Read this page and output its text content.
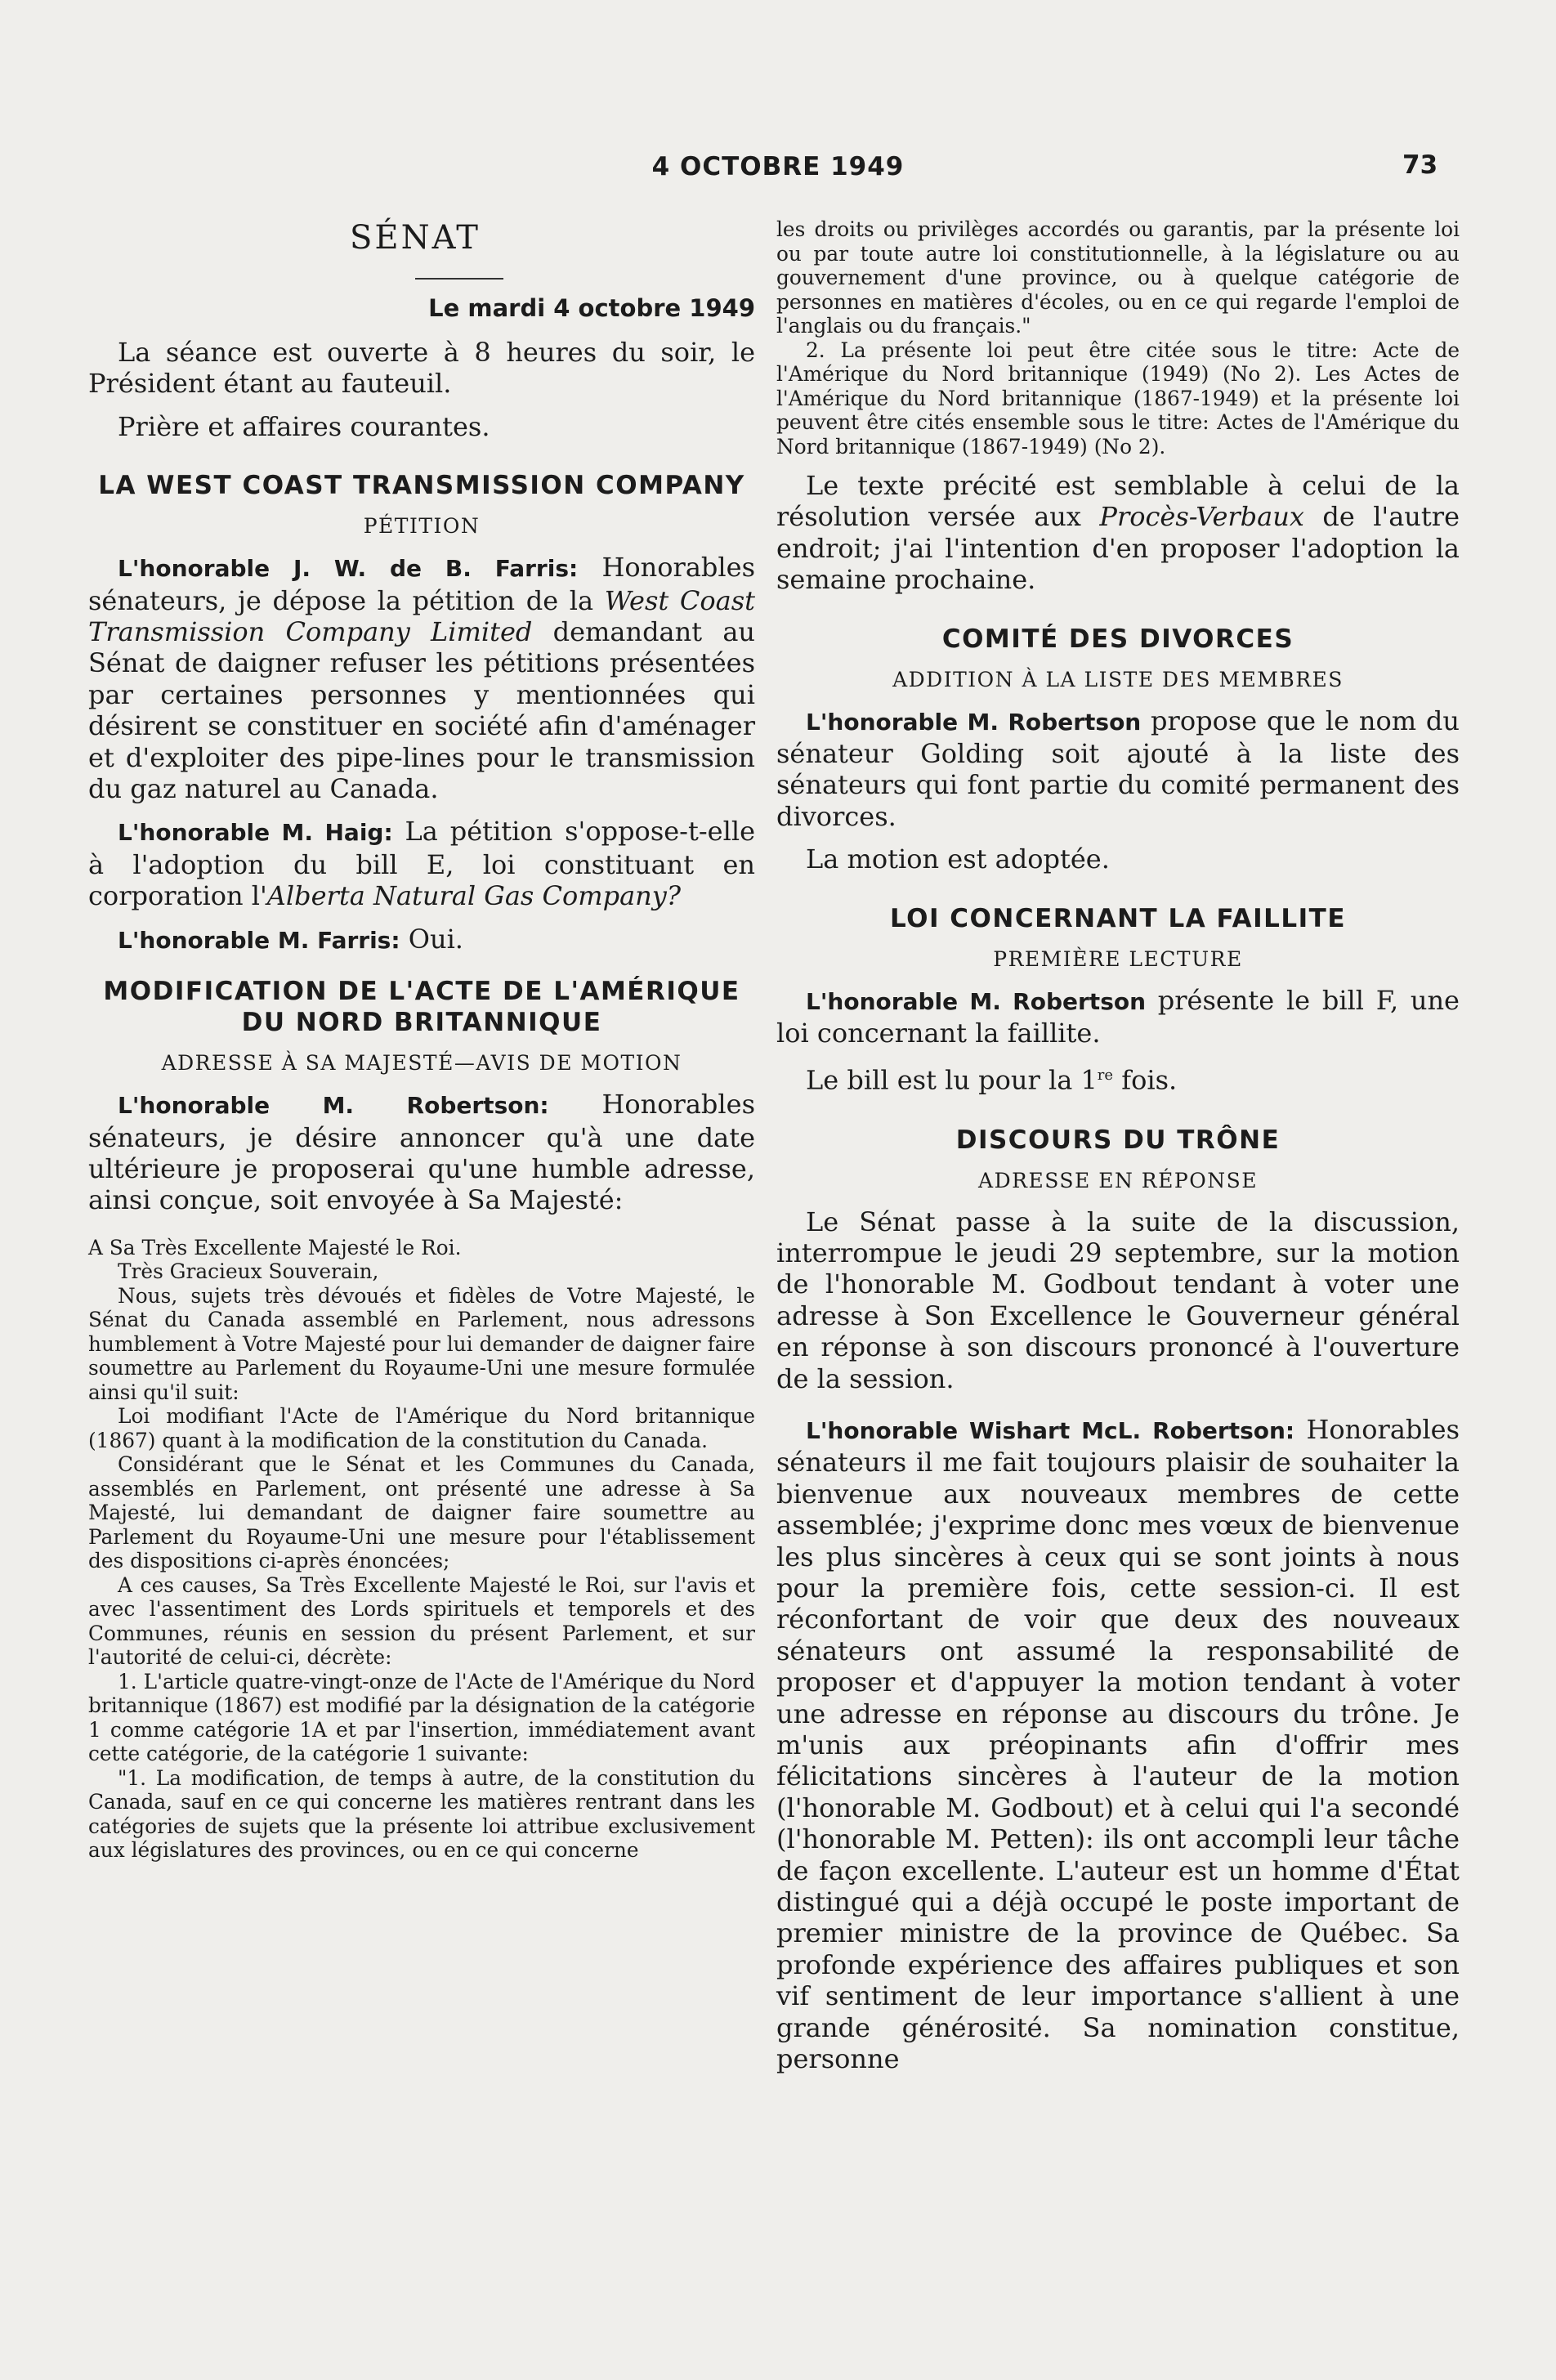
4 OCTOBRE 1949	73
SÉNAT
Le mardi 4 octobre 1949

La séance est ouverte à 8 heures du soir, le Président étant au fauteuil.

Prière et affaires courantes.

LA WEST COAST TRANSMISSION COMPANY
PÉTITION

L'honorable J. W. de B. Farris: Honorables sénateurs, je dépose la pétition de la West Coast Transmission Company Limited demandant au Sénat de daigner refuser les pétitions présentées par certaines personnes y mentionnées qui désirent se constituer en société afin d'aménager et d'exploiter des pipe-lines pour le transmission du gaz naturel au Canada.

L'honorable M. Haig: La pétition s'oppose-t-elle à l'adoption du bill E, loi constituant en corporation l'Alberta Natural Gas Company?

L'honorable M. Farris: Oui.

MODIFICATION DE L'ACTE DE L'AMÉRIQUE DU NORD BRITANNIQUE
ADRESSE À SA MAJESTÉ—AVIS DE MOTION

L'honorable M. Robertson: Honorables sénateurs, je désire annoncer qu'à une date ultérieure je proposerai qu'une humble adresse, ainsi conçue, soit envoyée à Sa Majesté:

A Sa Très Excellente Majesté le Roi.

Très Gracieux Souverain,

Nous, sujets très dévoués et fidèles de Votre Majesté, le Sénat du Canada assemblé en Parlement, nous adressons humblement à Votre Majesté pour lui demander de daigner faire soumettre au Parlement du Royaume-Uni une mesure formulée ainsi qu'il suit:

Loi modifiant l'Acte de l'Amérique du Nord britannique (1867) quant à la modification de la constitution du Canada.

Considérant que le Sénat et les Communes du Canada, assemblés en Parlement, ont présenté une adresse à Sa Majesté, lui demandant de daigner faire soumettre au Parlement du Royaume-Uni une mesure pour l'établissement des dispositions ci-après énoncées;

A ces causes, Sa Très Excellente Majesté le Roi, sur l'avis et avec l'assentiment des Lords spirituels et temporels et des Communes, réunis en session du présent Parlement, et sur l'autorité de celui-ci, décrète:

1. L'article quatre-vingt-onze de l'Acte de l'Amérique du Nord britannique (1867) est modifié par la désignation de la catégorie 1 comme catégorie 1A et par l'insertion, immédiatement avant cette catégorie, de la catégorie 1 suivante:

"1. La modification, de temps à autre, de la constitution du Canada, sauf en ce qui concerne les matières rentrant dans les catégories de sujets que la présente loi attribue exclusivement aux législatures des provinces, ou en ce qui concerne

les droits ou privilèges accordés ou garantis, par la présente loi ou par toute autre loi constitutionnelle, à la législature ou au gouvernement d'une province, ou à quelque catégorie de personnes en matières d'écoles, ou en ce qui regarde l'emploi de l'anglais ou du français."

2. La présente loi peut être citée sous le titre: Acte de l'Amérique du Nord britannique (1949) (No 2). Les Actes de l'Amérique du Nord britannique (1867-1949) et la présente loi peuvent être cités ensemble sous le titre: Actes de l'Amérique du Nord britannique (1867-1949) (No 2).

Le texte précité est semblable à celui de la résolution versée aux Procès-Verbaux de l'autre endroit; j'ai l'intention d'en proposer l'adoption la semaine prochaine.

COMITÉ DES DIVORCES
ADDITION À LA LISTE DES MEMBRES

L'honorable M. Robertson propose que le nom du sénateur Golding soit ajouté à la liste des sénateurs qui font partie du comité permanent des divorces.

La motion est adoptée.

LOI CONCERNANT LA FAILLITE
PREMIÈRE LECTURE

L'honorable M. Robertson présente le bill F, une loi concernant la faillite.

Le bill est lu pour la 1re fois.

DISCOURS DU TRÔNE
ADRESSE EN RÉPONSE

Le Sénat passe à la suite de la discussion, interrompue le jeudi 29 septembre, sur la motion de l'honorable M. Godbout tendant à voter une adresse à Son Excellence le Gouverneur général en réponse à son discours prononcé à l'ouverture de la session.

L'honorable Wishart McL. Robertson: Honorables sénateurs il me fait toujours plaisir de souhaiter la bienvenue aux nouveaux membres de cette assemblée; j'exprime donc mes vœux de bienvenue les plus sincères à ceux qui se sont joints à nous pour la première fois, cette session-ci. Il est réconfortant de voir que deux des nouveaux sénateurs ont assumé la responsabilité de proposer et d'appuyer la motion tendant à voter une adresse en réponse au discours du trône. Je m'unis aux préopinants afin d'offrir mes félicitations sincères à l'auteur de la motion (l'honorable M. Godbout) et à celui qui l'a secondé (l'honorable M. Petten): ils ont accompli leur tâche de façon excellente. L'auteur est un homme d'État distingué qui a déjà occupé le poste important de premier ministre de la province de Québec. Sa profonde expérience des affaires publiques et son vif sentiment de leur importance s'allient à une grande générosité. Sa nomination constitue, personne
